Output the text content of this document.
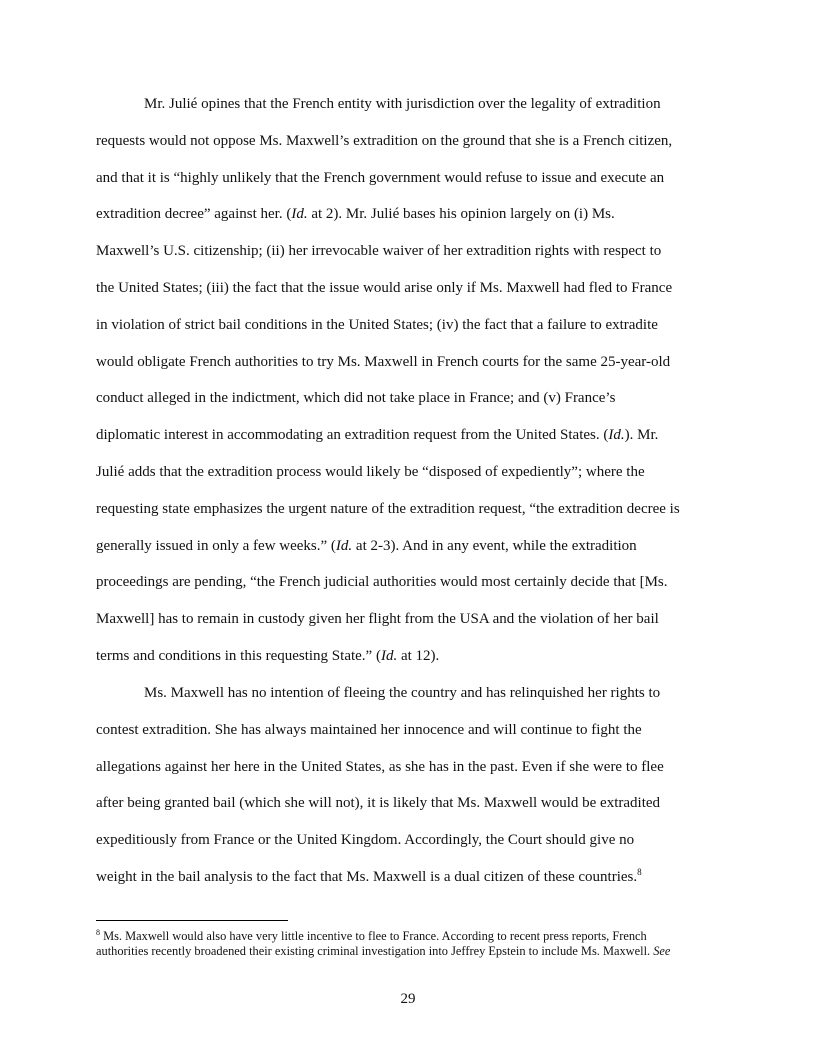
Mr. Julié opines that the French entity with jurisdiction over the legality of extradition
requests would not oppose Ms. Maxwell’s extradition on the ground that she is a French citizen,
and that it is “highly unlikely that the French government would refuse to issue and execute an
extradition decree” against her. (Id. at 2). Mr. Julié bases his opinion largely on (i) Ms.
Maxwell’s U.S. citizenship; (ii) her irrevocable waiver of her extradition rights with respect to
the United States; (iii) the fact that the issue would arise only if Ms. Maxwell had fled to France
in violation of strict bail conditions in the United States; (iv) the fact that a failure to extradite
would obligate French authorities to try Ms. Maxwell in French courts for the same 25-year-old
conduct alleged in the indictment, which did not take place in France; and (v) France’s
diplomatic interest in accommodating an extradition request from the United States. (Id.). Mr.
Julié adds that the extradition process would likely be “disposed of expediently”; where the
requesting state emphasizes the urgent nature of the extradition request, “the extradition decree is
generally issued in only a few weeks.” (Id. at 2-3). And in any event, while the extradition
proceedings are pending, “the French judicial authorities would most certainly decide that [Ms.
Maxwell] has to remain in custody given her flight from the USA and the violation of her bail
terms and conditions in this requesting State.” (Id. at 12).
Ms. Maxwell has no intention of fleeing the country and has relinquished her rights to
contest extradition. She has always maintained her innocence and will continue to fight the
allegations against her here in the United States, as she has in the past. Even if she were to flee
after being granted bail (which she will not), it is likely that Ms. Maxwell would be extradited
expeditiously from France or the United Kingdom. Accordingly, the Court should give no
weight in the bail analysis to the fact that Ms. Maxwell is a dual citizen of these countries.$^8$
$^8$ Ms. Maxwell would also have very little incentive to flee to France. According to recent press reports, French
authorities recently broadened their existing criminal investigation into Jeffrey Epstein to include Ms. Maxwell. See
29
